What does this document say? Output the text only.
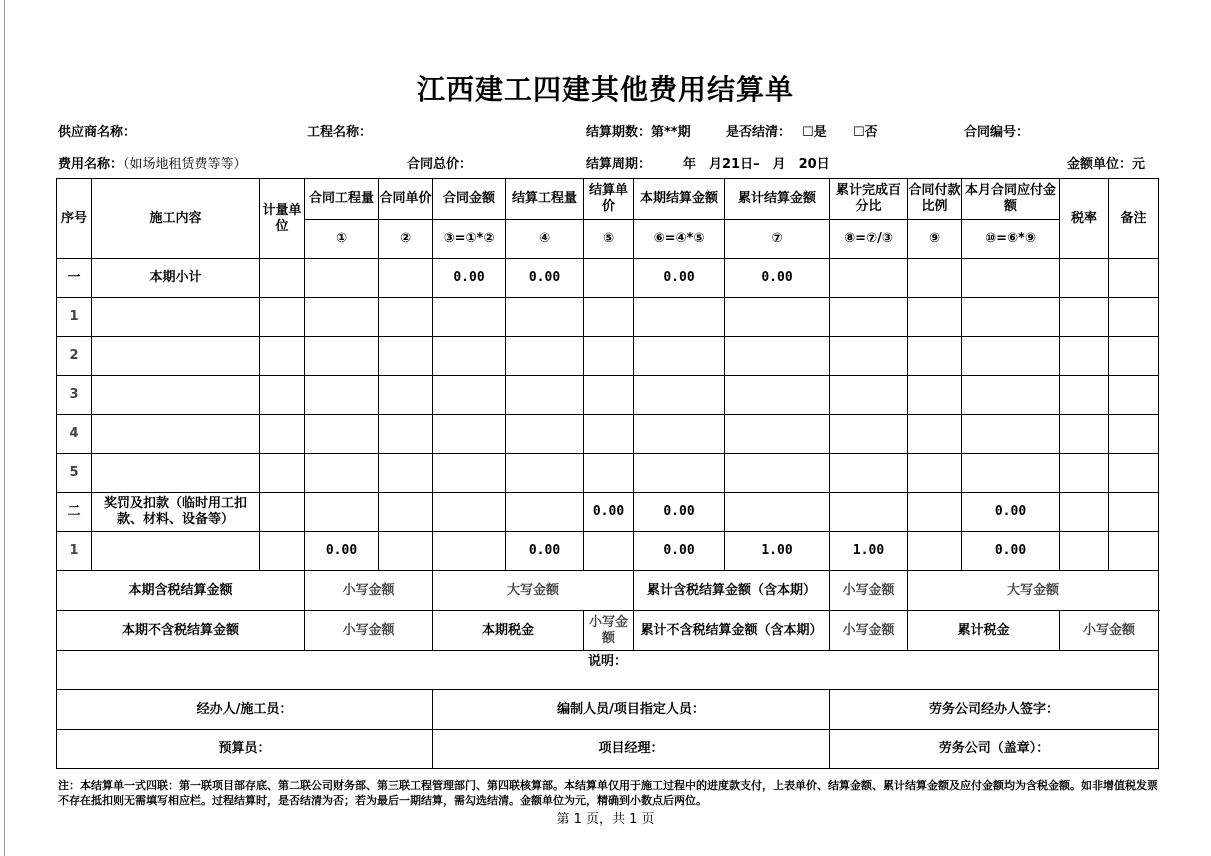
江西建工四建其他费用结算单
供应商名称：	工程名称：	结算期数：第**期	是否结清： ☐是 ☐否	合同编号：
费用名称：（如场地租赁费等等）	合同总价：	结算周期： 年　月21日–　月　20日	金额单位：元
序号	施工内容	计量单位	合同工程量	合同单价	合同金额	结算工程量	结算单价	本期结算金额	累计结算金额	累计完成百分比	合同付款比例	本月合同应付金额	税率	备注
			①	②	③=①*②	④	⑤	⑥=④*⑤	⑦	⑧=⑦/③	⑨	⑩=⑥*⑨		
一	本期小计				0.00	0.00		0.00	0.00					
1														
2														
3														
4														
5														
二	奖罚及扣款（临时用工扣款、材料、设备等）						0.00	0.00				0.00		
1			0.00			0.00		0.00	1.00	1.00		0.00		
本期含税结算金额			小写金额		大写金额			累计含税结算金额（含本期）		小写金额	大写金额			
本期不含税结算金额			小写金额		本期税金		小写金额	累计不含税结算金额（含本期）		小写金额	累计税金		小写金额	
说明：														
经办人/施工员：					编制人员/项目指定人员：					劳务公司经办人签字：				
预算员：					项目经理：					劳务公司（盖章）：				
注：本结算单一式四联：第一联项目部存底、第二联公司财务部、第三联工程管理部门、第四联核算部。本结算单仅用于施工过程中的进度款支付，上表单价、结算金额、累计结算金额及应付金额均为含税金额。如非增值税发票不存在抵扣则无需填写相应栏。过程结算时，是否结清为否；若为最后一期结算，需勾选结清。金额单位为元，精确到小数点后两位。
第 1 页，共 1 页
